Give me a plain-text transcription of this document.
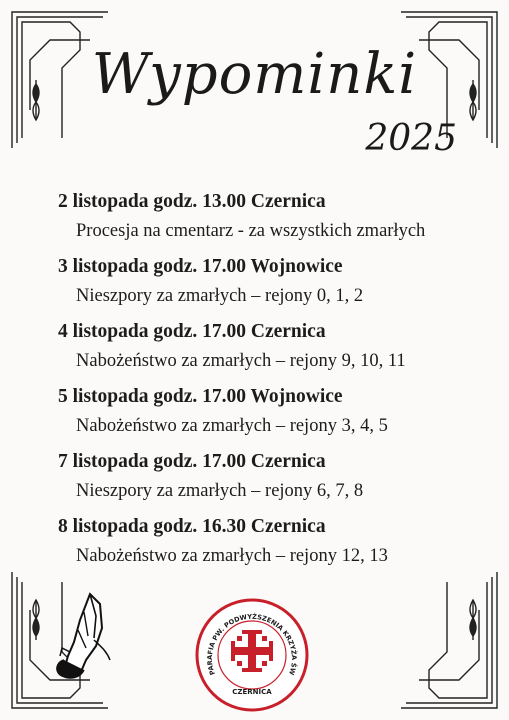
Wypominki
2025
2 listopada godz. 13.00 Czernica
Procesja na cmentarz - za wszystkich zmarłych
3 listopada godz. 17.00 Wojnowice
Nieszpory za zmarłych – rejony 0, 1, 2
4 listopada godz. 17.00 Czernica
Nabożeństwo za zmarłych – rejony 9, 10, 11
5 listopada godz. 17.00 Wojnowice
Nabożeństwo za zmarłych – rejony 3, 4, 5
7 listopada godz. 17.00 Czernica
Nieszpory za zmarłych – rejony 6, 7, 8
8 listopada godz. 16.30 Czernica
Nabożeństwo za zmarłych – rejony 12, 13
PARAFIA PW. PODWYŻSZENIA KRZYŻA ŚW
CZERNICA
